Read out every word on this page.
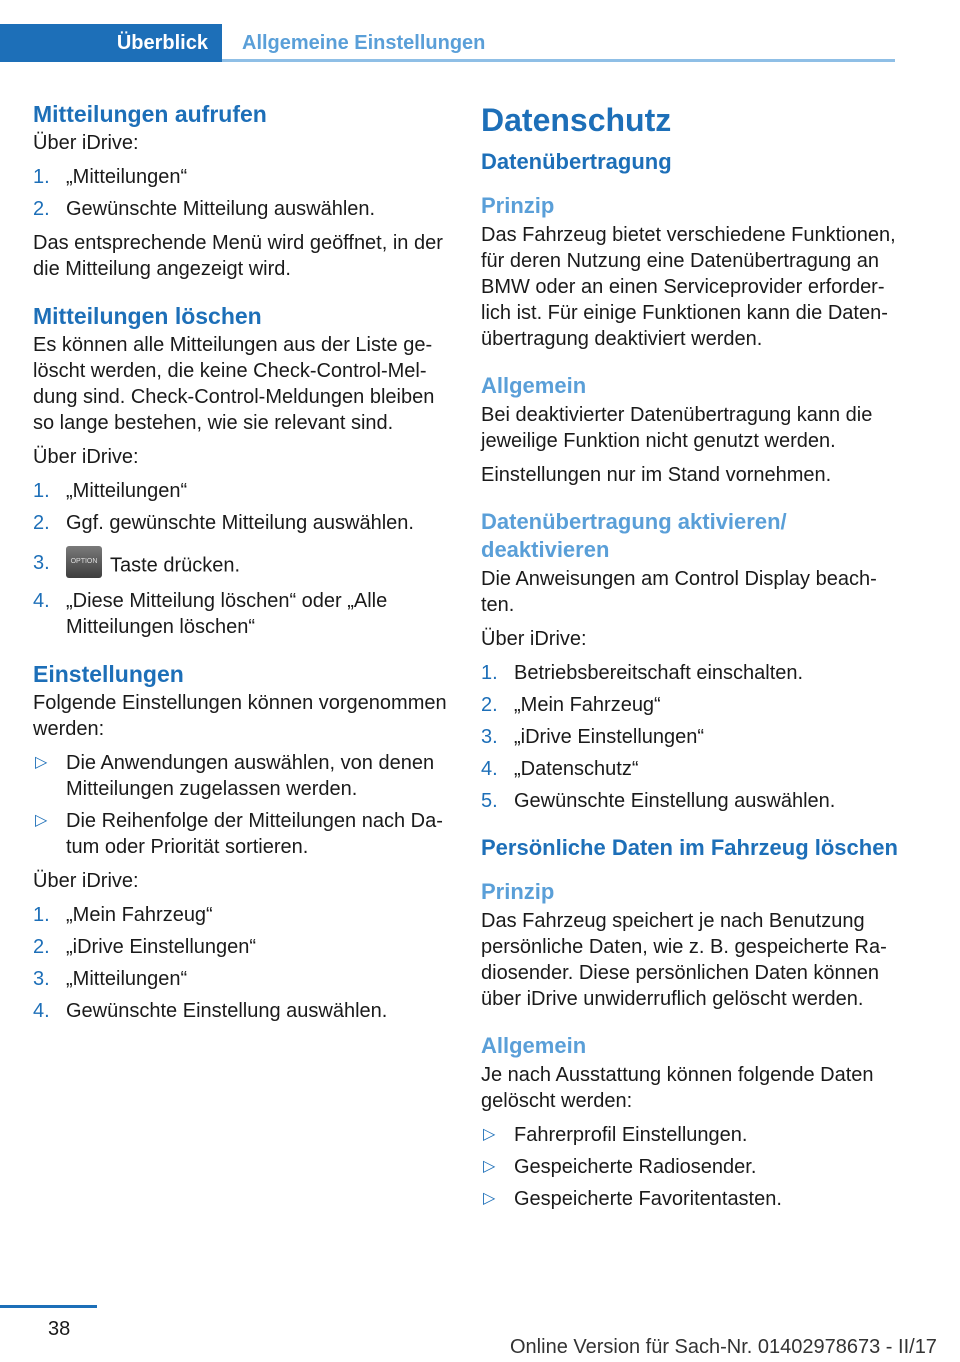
Überblick	Allgemeine Einstellungen
Mitteilungen aufrufen

Über iDrive:

1. „Mitteilungen“
2. Gewünschte Mitteilung auswählen.

Das entsprechende Menü wird geöffnet, in der die Mitteilung angezeigt wird.

Mitteilungen löschen

Es können alle Mitteilungen aus der Liste gelöscht werden, die keine Check-Control-Meldung sind. Check-Control-Meldungen bleiben so lange bestehen, wie sie relevant sind.

Über iDrive:

1. „Mitteilungen“
2. Ggf. gewünschte Mitteilung auswählen.
3.	OPTION Taste drücken.
4. „Diese Mitteilung löschen“ oder „Alle Mitteilungen löschen“
Einstellungen

Folgende Einstellungen können vorgenommen werden:

▷ Die Anwendungen auswählen, von denen Mitteilungen zugelassen werden.
▷ Die Reihenfolge der Mitteilungen nach Datum oder Priorität sortieren.

Über iDrive:

1. „Mein Fahrzeug“
2. „iDrive Einstellungen“
3. „Mitteilungen“
4. Gewünschte Einstellung auswählen.
Datenschutz
Datenübertragung
Prinzip

Das Fahrzeug bietet verschiedene Funktionen, für deren Nutzung eine Datenübertragung an BMW oder an einen Serviceprovider erforderlich ist. Für einige Funktionen kann die Datenübertragung deaktiviert werden.

Allgemein

Bei deaktivierter Datenübertragung kann die jeweilige Funktion nicht genutzt werden.

Einstellungen nur im Stand vornehmen.

Datenübertragung aktivieren/ deaktivieren

Die Anweisungen am Control Display beachten.

Über iDrive:

1. Betriebsbereitschaft einschalten.
2. „Mein Fahrzeug“
3. „iDrive Einstellungen“
4. „Datenschutz“
5. Gewünschte Einstellung auswählen.
Persönliche Daten im Fahrzeug löschen
Prinzip

Das Fahrzeug speichert je nach Benutzung persönliche Daten, wie z. B. gespeicherte Radiosender. Diese persönlichen Daten können über iDrive unwiderruflich gelöscht werden.

Allgemein

Je nach Ausstattung können folgende Daten gelöscht werden:

▷ Fahrerprofil Einstellungen.
▷ Gespeicherte Radiosender.
▷ Gespeicherte Favoritentasten.
38
Online Version für Sach-Nr. 01402978673 - II/17
